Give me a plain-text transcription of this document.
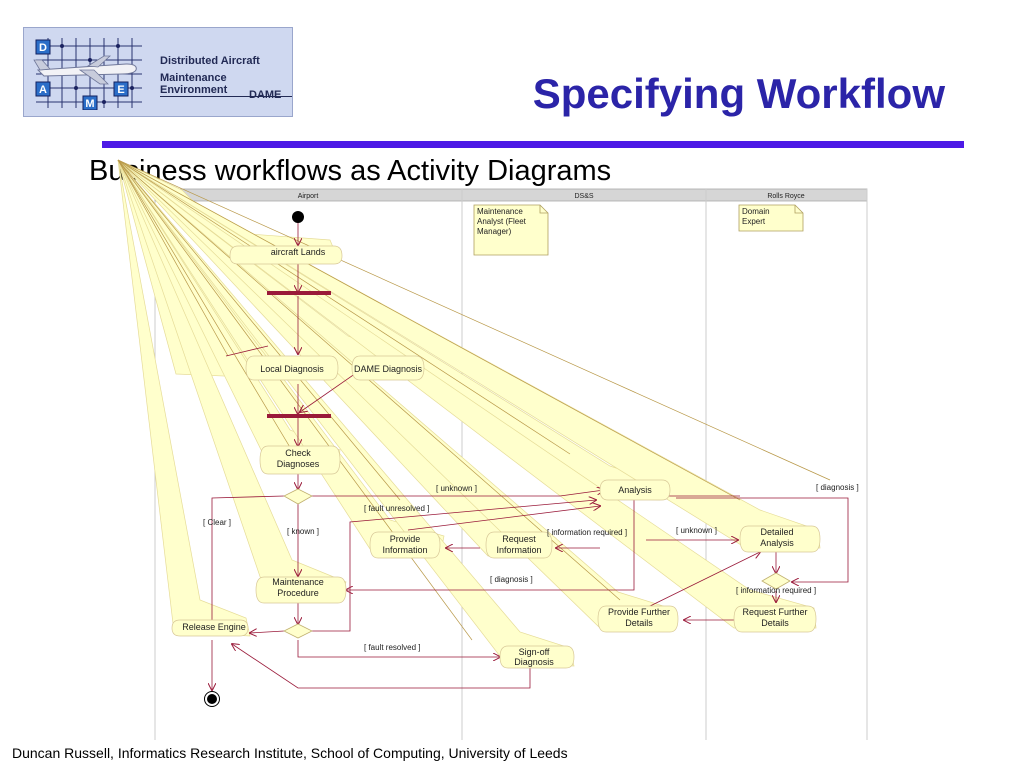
D
A	E
M
Distributed Aircraft
Maintenance Environment	DAME	Specifying Workflow
Business workflows as Activity Diagrams
Airport	DS&S	Rolls Royce
Maintenance Analyst (Fleet Manager)
Domain Expert
aircraft Lands
Local Diagnosis	DAME Diagnosis
Check Diagnoses
Maintenance Procedure
Release Engine
Provide Information
Request Information
Analysis
Detailed Analysis
Provide Further Details
Request Further Details
Sign-off Diagnosis
[ unknown ]
[ fault unresolved ]
[ Clear ]
[ known ]	[ information required ]	[ unknown ]
[ diagnosis ]
[ diagnosis ]
[ information required ]
[ fault resolved ]
Duncan Russell, Informatics Research Institute, School of Computing, University of Leeds
